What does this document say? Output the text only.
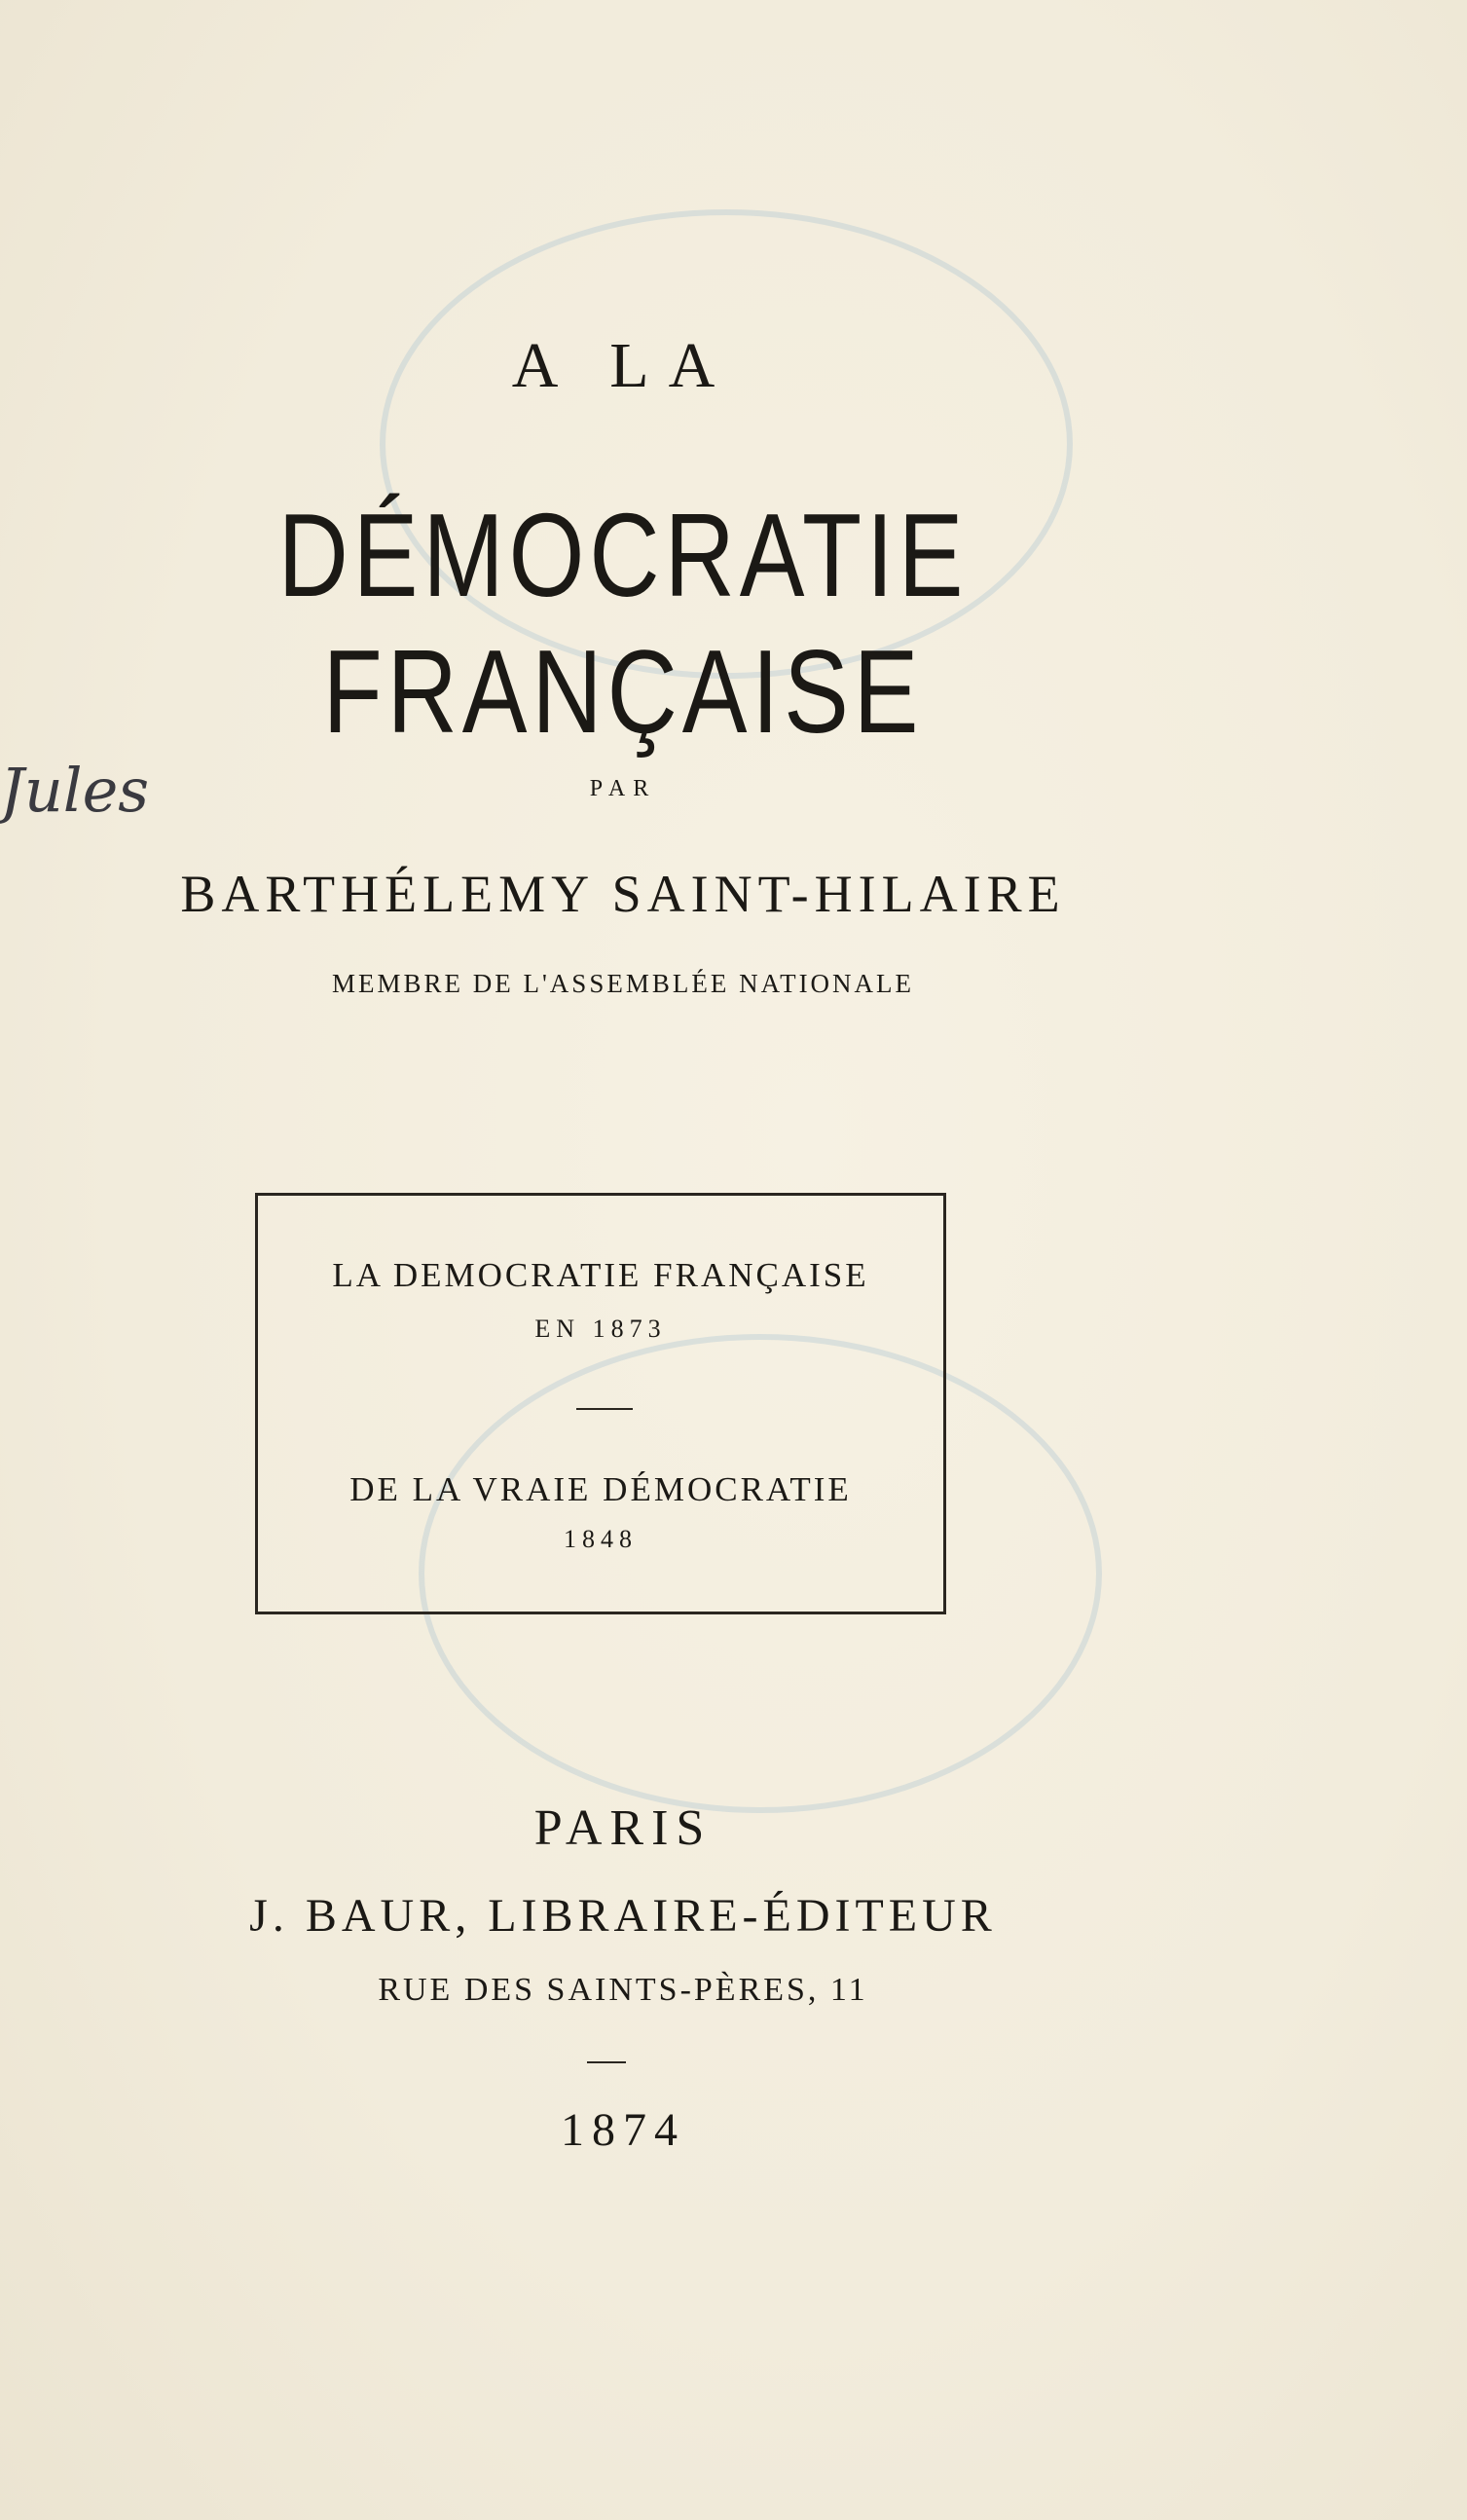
Jules
A LA
DÉMOCRATIE FRANÇAISE
PAR
BARTHÉLEMY SAINT-HILAIRE
MEMBRE DE L'ASSEMBLÉE NATIONALE
LA DEMOCRATIE FRANÇAISE
EN 1873
DE LA VRAIE DÉMOCRATIE
1848
PARIS
J. BAUR, LIBRAIRE-ÉDITEUR
RUE DES SAINTS-PÈRES, 11
1874
